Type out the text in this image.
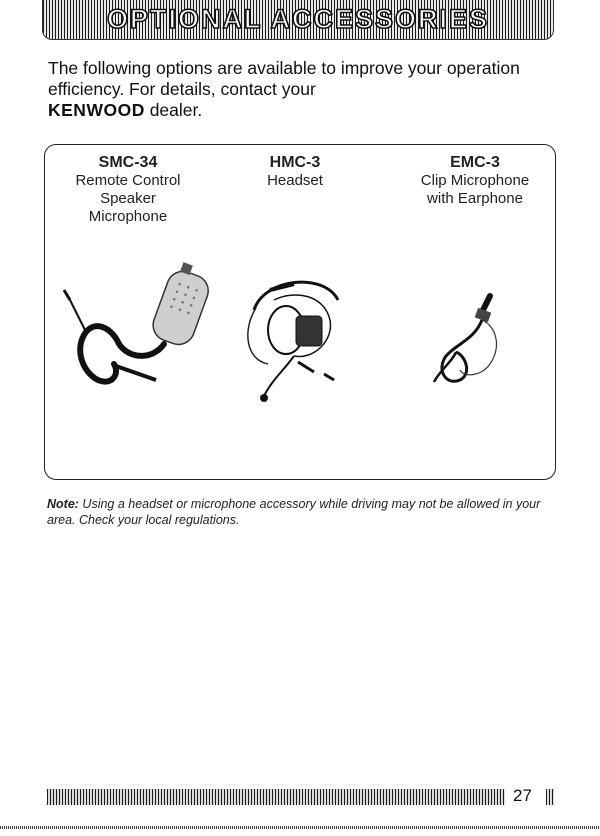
OPTIONAL ACCESSORIES
The following options are available to improve your operation efficiency. For details, contact your
KENWOOD dealer.
SMC-34
Remote Control
Speaker
Microphone
HMC-3
Headset
EMC-3
Clip Microphone
with Earphone
Note: Using a headset or microphone accessory while driving may not be allowed in your area. Check your local regulations.
27
